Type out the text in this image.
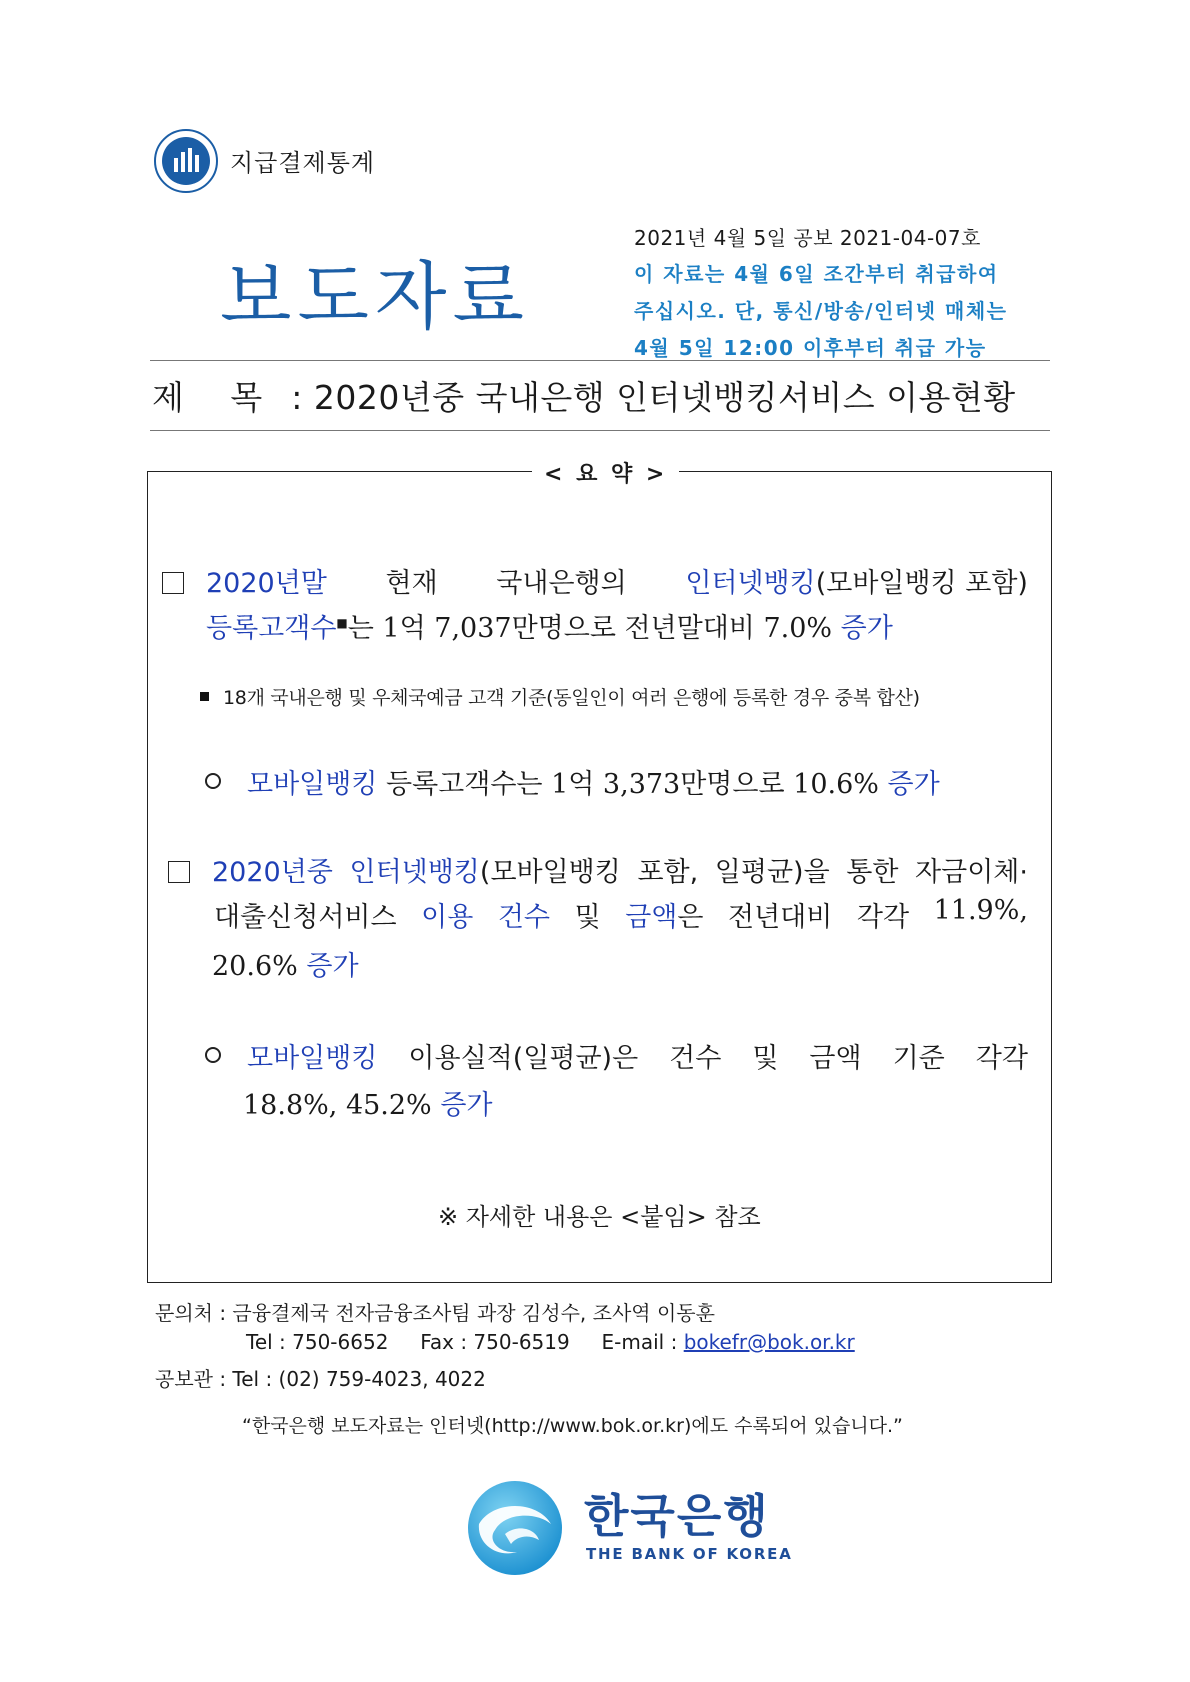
지급결제통계
보도자료
2021년 4월 5일 공보 2021-04-07호
이 자료는 4월 6일 조간부터 취급하여
주십시오. 단, 통신/방송/인터넷 매체는
4월 5일 12:00 이후부터 취급 가능
제 목 : 2020년중 국내은행 인터넷뱅킹서비스 이용현황
< 요 약 >
2020년말 현재 국내은행의 인터넷뱅킹(모바일뱅킹 포함)
등록고객수■는 1억 7,037만명으로 전년말대비 7.0% 증가
18개 국내은행 및 우체국예금 고객 기준(동일인이 여러 은행에 등록한 경우 중복 합산)
모바일뱅킹 등록고객수는 1억 3,373만명으로 10.6% 증가
2020년중 인터넷뱅킹(모바일뱅킹 포함, 일평균)을 통한 자금이체·
대출신청서비스 이용 건수 및 금액은 전년대비 각각 11.9%,
20.6% 증가
모바일뱅킹 이용실적(일평균)은 건수 및 금액 기준 각각
18.8%, 45.2% 증가
※ 자세한 내용은 <붙임> 참조
문의처 : 금융결제국 전자금융조사팀 과장 김성수, 조사역 이동훈
Tel : 750-6652 Fax : 750-6519 E-mail : bokefr@bok.or.kr
공보관 : Tel : (02) 759-4023, 4022
“한국은행 보도자료는 인터넷(http://www.bok.or.kr)에도 수록되어 있습니다.”
한국은행
THE BANK OF KOREA
